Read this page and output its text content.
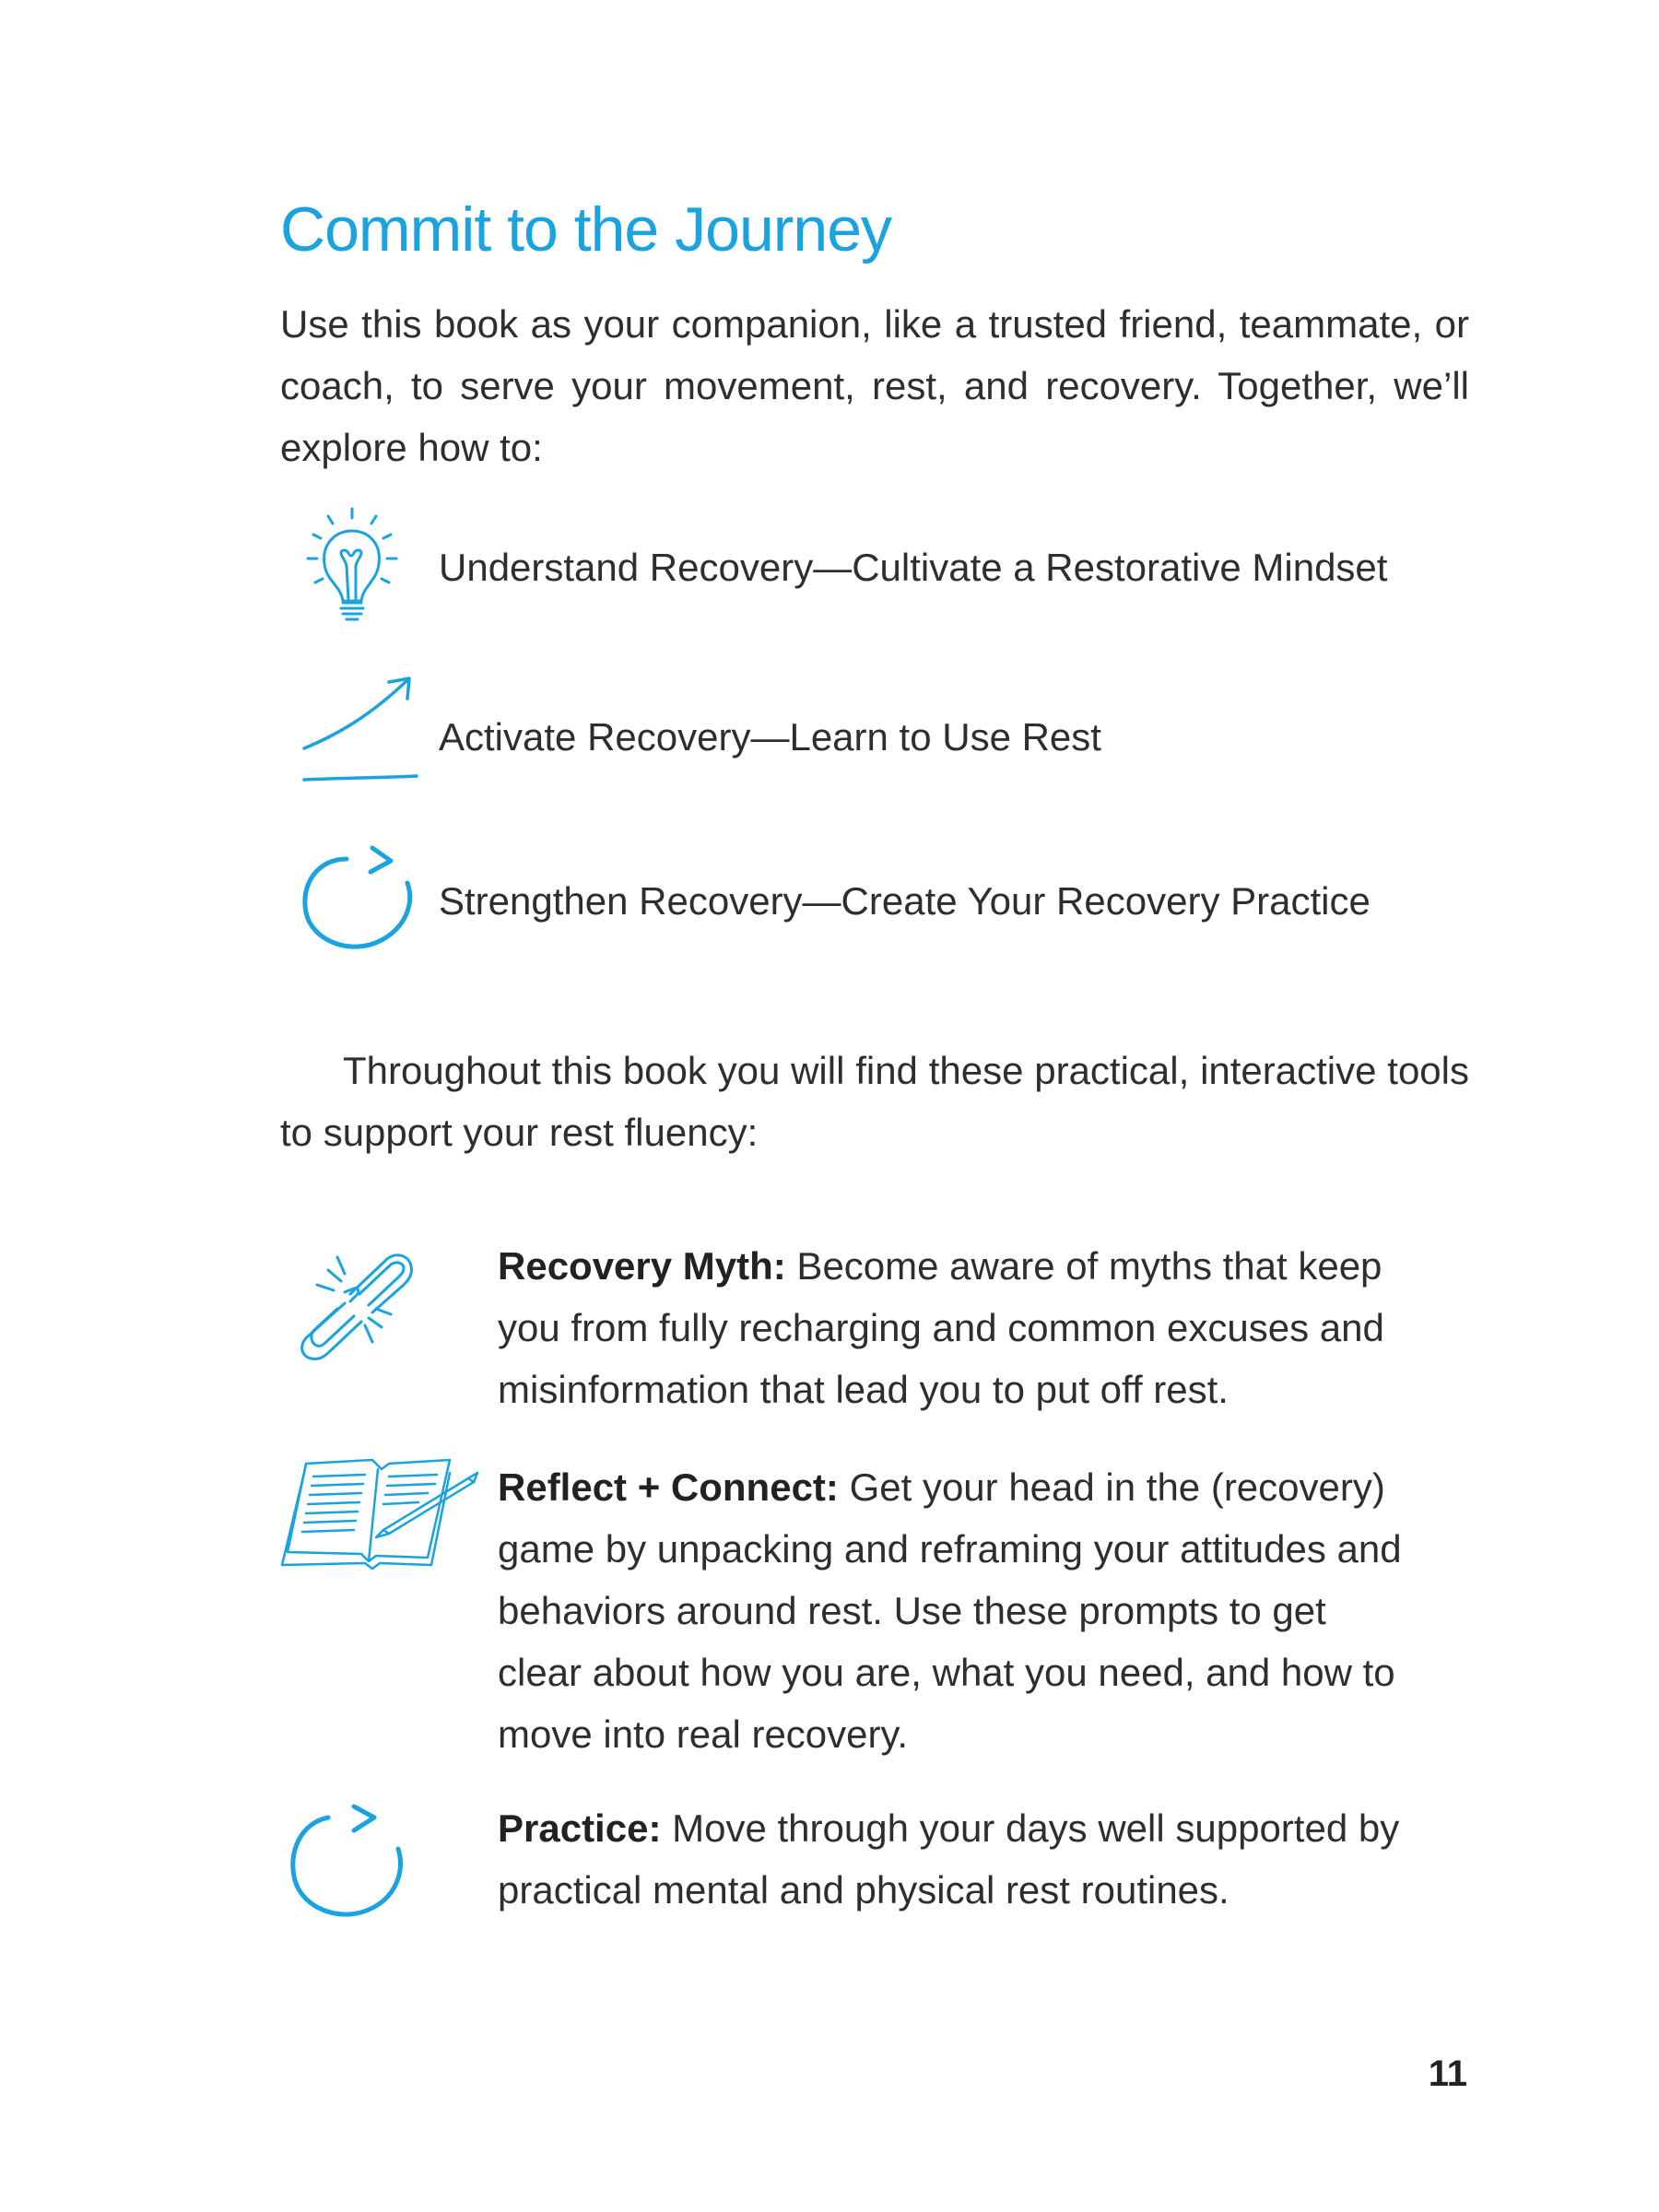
Commit to the Journey
Use this book as your companion, like a trusted friend, teammate, or coach, to serve your movement, rest, and recovery. Together, we’ll explore how to:
Understand Recovery—Cultivate a Restorative Mindset
Activate Recovery—Learn to Use Rest
Strengthen Recovery—Create Your Recovery Practice
Throughout this book you will find these practical, interactive tools to support your rest fluency:
Recovery Myth: Become aware of myths that keep you from fully recharging and common excuses and misinformation that lead you to put off rest.
Reflect + Connect: Get your head in the (recovery) game by unpacking and reframing your attitudes and behaviors around rest. Use these prompts to get clear about how you are, what you need, and how to move into real recovery.
Practice: Move through your days well supported by practical mental and physical rest routines.
11
